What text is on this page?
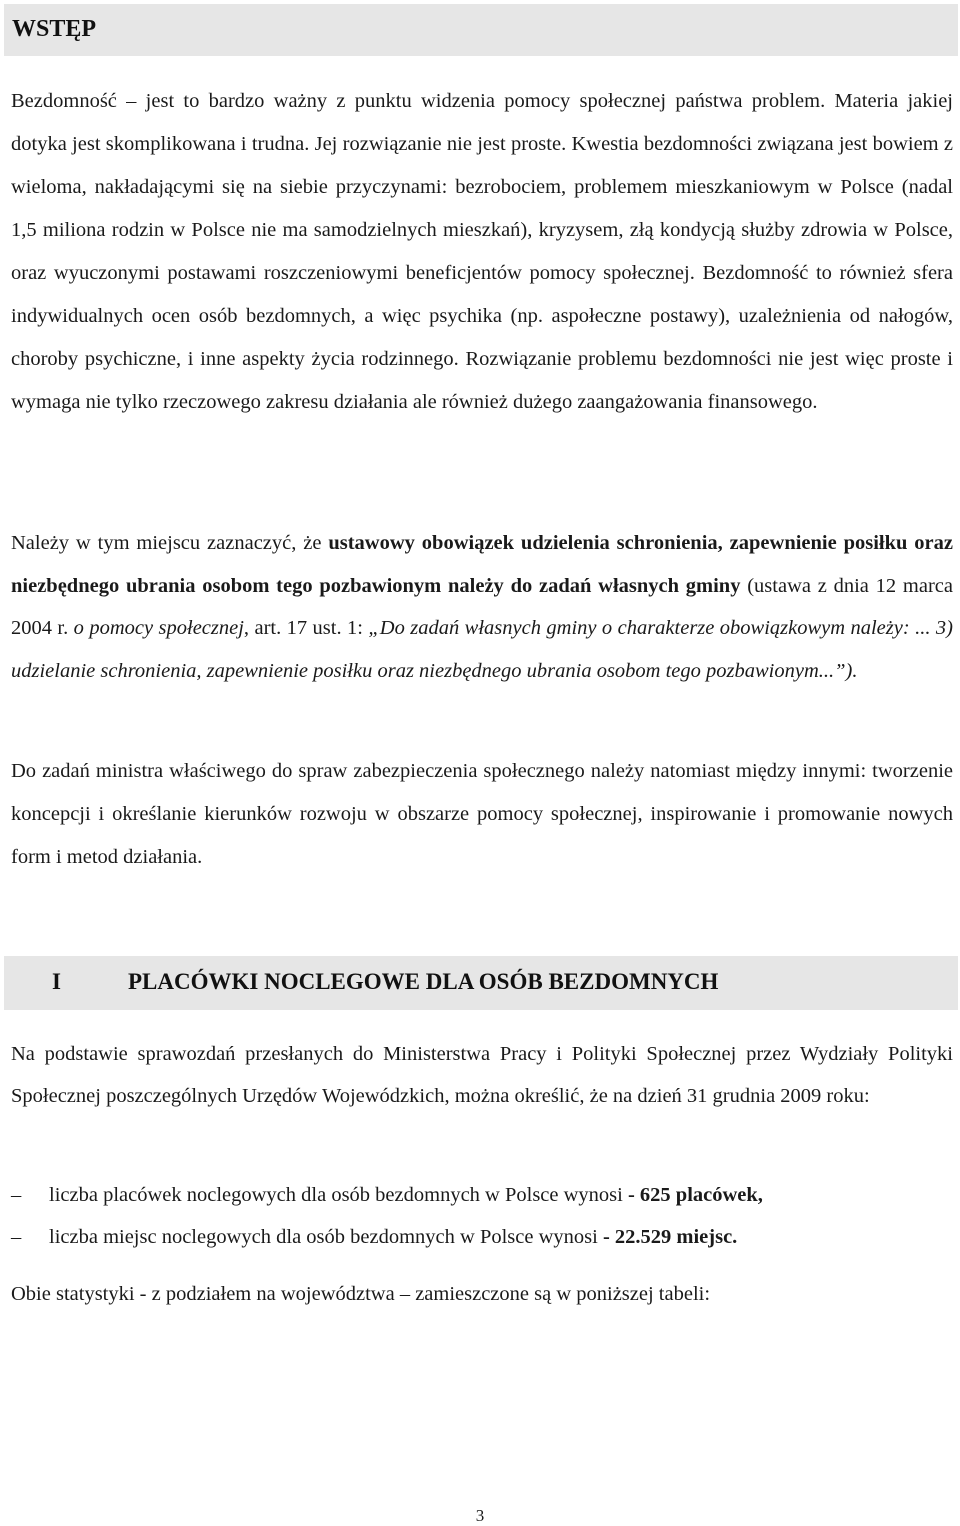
WSTĘP

Bezdomność – jest to bardzo ważny z punktu widzenia pomocy społecznej państwa problem. Materia jakiej dotyka jest skomplikowana i trudna. Jej rozwiązanie nie jest proste. Kwestia bezdomności związana jest bowiem z wieloma, nakładającymi się na siebie przyczynami: bezrobociem, problemem mieszkaniowym w Polsce (nadal 1,5 miliona rodzin w Polsce nie ma samodzielnych mieszkań), kryzysem, złą kondycją służby zdrowia w Polsce, oraz wyuczonymi postawami roszczeniowymi beneficjentów pomocy społecznej. Bezdomność to również sfera indywidualnych ocen osób bezdomnych, a więc psychika (np. aspołeczne postawy), uzależnienia od nałogów, choroby psychiczne, i inne aspekty życia rodzinnego. Rozwiązanie problemu bezdomności nie jest więc proste i wymaga nie tylko rzeczowego zakresu działania ale również dużego zaangażowania finansowego.

Należy w tym miejscu zaznaczyć, że ustawowy obowiązek udzielenia schronienia, zapewnienie posiłku oraz niezbędnego ubrania osobom tego pozbawionym należy do zadań własnych gminy (ustawa z dnia 12 marca 2004 r. o pomocy społecznej, art. 17 ust. 1: „Do zadań własnych gminy o charakterze obowiązkowym należy: ... 3) udzielanie schronienia, zapewnienie posiłku oraz niezbędnego ubrania osobom tego pozbawionym...”).

Do zadań ministra właściwego do spraw zabezpieczenia społecznego należy natomiast między innymi: tworzenie koncepcji i określanie kierunków rozwoju w obszarze pomocy społecznej, inspirowanie i promowanie nowych form i metod działania.

I	PLACÓWKI NOCLEGOWE DLA OSÓB BEZDOMNYCH

Na podstawie sprawozdań przesłanych do Ministerstwa Pracy i Polityki Społecznej przez Wydziały Polityki Społecznej poszczególnych Urzędów Wojewódzkich, można określić, że na dzień 31 grudnia 2009 roku:

– liczba placówek noclegowych dla osób bezdomnych w Polsce wynosi - 625 placówek,
– liczba miejsc noclegowych dla osób bezdomnych w Polsce wynosi - 22.529 miejsc.

Obie statystyki - z podziałem na województwa – zamieszczone są w poniższej tabeli:

3
